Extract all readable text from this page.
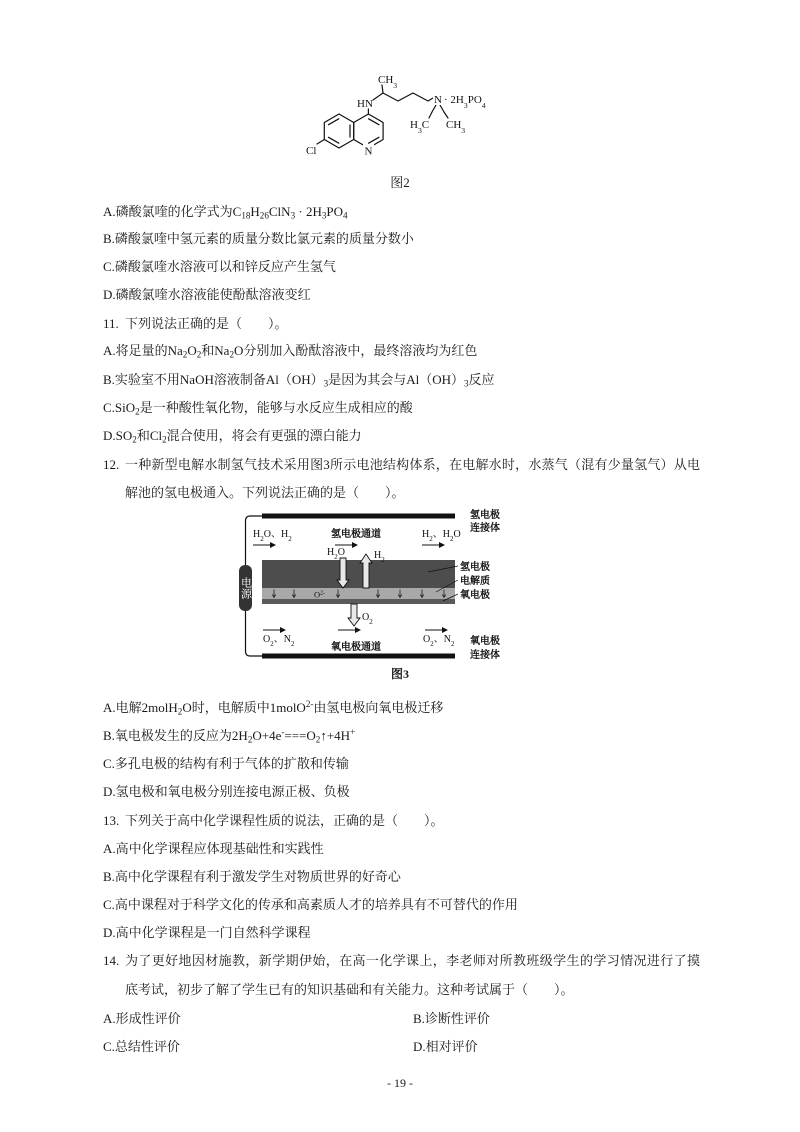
$CH_3$
HN	$N \cdot 2H_3PO_4$
$H_3C$ $CH_3$
Cl	N
图2
A.磷酸氯喹的化学式为$C_{18}H_{26}ClN_3 \cdot 2H_3PO_4$
B.磷酸氯喹中氢元素的质量分数比氯元素的质量分数小
C.磷酸氯喹水溶液可以和锌反应产生氢气
D.磷酸氯喹水溶液能使酚酞溶液变红
11. 下列说法正确的是（　　）。
A.将足量的$Na_2O_2$和$Na_2O$分别加入酚酞溶液中，最终溶液均为红色
B.实验室不用NaOH溶液制备$Al(OH)_3$是因为其会与$Al(OH)_3$反应
C.SiO$_2$是一种酸性氧化物，能够与水反应生成相应的酸
$D.SO_2$和$Cl_2$混合使用，将会有更强的漂白能力
12. 一种新型电解水制氢气技术采用图3所示电池结构体系，在电解水时，水蒸气（混有少量氢气）从电
解池的氢电极通入。下列说法正确的是（　　）。
电源
$H_2O$、$H_2$	氢电极通道	$H_2$、$H_2O$
氢电极
连接体
$H_2O$	$H_2$
$O^{2-}$
氢电极
电解质
氧电极
$O_2$
$O_2$、$N_2$	氧电极通道
$O_2$、$N_2$ 氧电极
连接体
图3
A.电解2molH$_2$O时，电解质中1molO$^{2-}$由氢电极向氧电极迁移
B.氧电极发生的反应为$2H_2O+4e^-===O_2↑+4H^+$
C.多孔电极的结构有利于气体的扩散和传输
D.氢电极和氧电极分别连接电源正极、负极
13. 下列关于高中化学课程性质的说法，正确的是（　　）。
A.高中化学课程应体现基础性和实践性
B.高中化学课程有利于激发学生对物质世界的好奇心
C.高中课程对于科学文化的传承和高素质人才的培养具有不可替代的作用
D.高中化学课程是一门自然科学课程
14. 为了更好地因材施教，新学期伊始，在高一化学课上，李老师对所教班级学生的学习情况进行了摸
底考试，初步了解了学生已有的知识基础和有关能力。这种考试属于（　　）。
A.形成性评价	B.诊断性评价
C.总结性评价	D.相对评价
- 19 -
